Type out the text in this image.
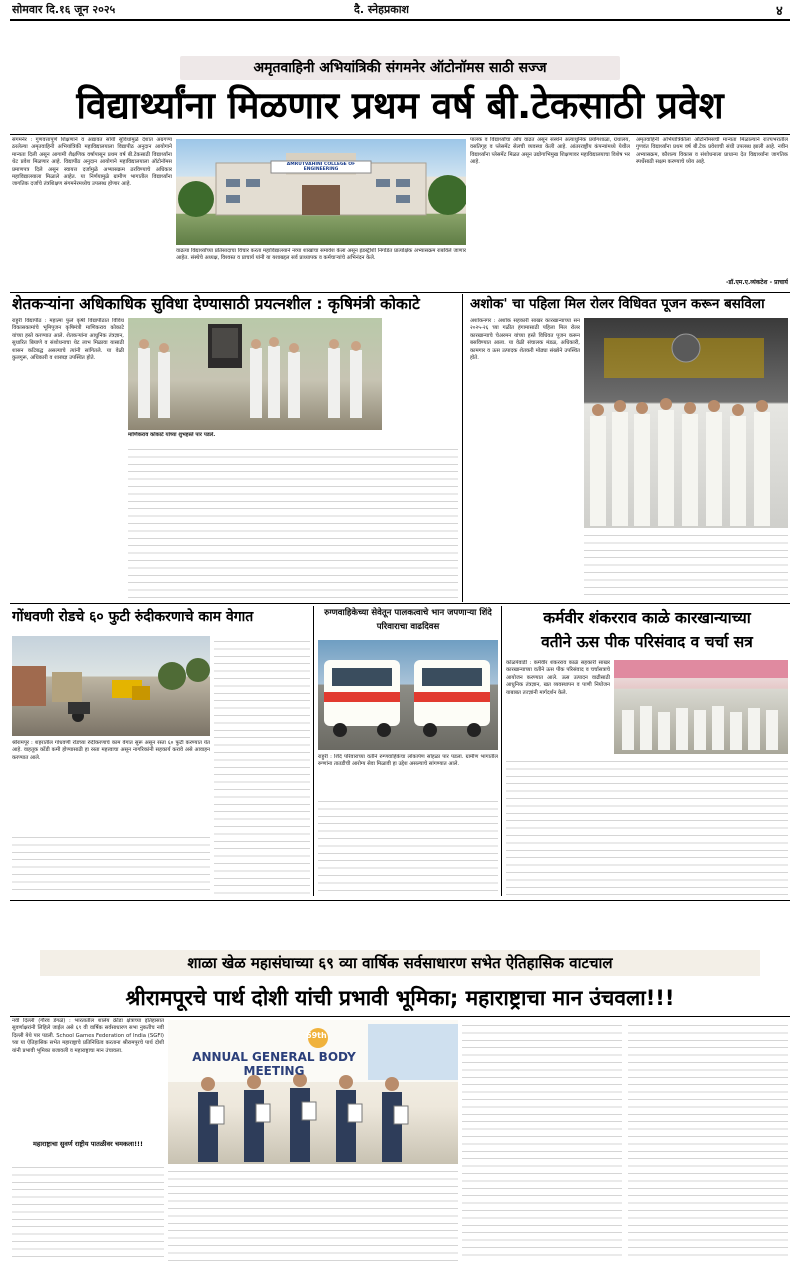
सोमवार दि.१६ जून २०२५	दै. स्नेहप्रकाश	४
अमृतवाहिनी अभियांत्रिकी संगमनेर ऑटोनॉमस साठी सज्ज
विद्यार्थ्यांना मिळणार प्रथम वर्ष बी.टेकसाठी प्रवेश
संगमनेर : गुणवत्तापूर्ण शिक्षणाने व अद्यावत सोयी सुविधांमुळे देशात अग्रगण्य ठरलेल्या अमृतवाहिनी अभियांत्रिकी महाविद्यालयाला विद्यापीठ अनुदान आयोगाने मान्यता दिली असून आगामी शैक्षणिक वर्षापासून प्रथम वर्ष बी.टेकसाठी विद्यार्थ्यांना थेट प्रवेश मिळणार आहे. विद्यापीठ अनुदान आयोगाने महाविद्यालयाला ऑटोनॉमस प्रमाणपत्र दिले असून स्वायत्त दर्जामुळे अभ्यासक्रम ठरविण्याचे अधिकार महाविद्यालयाला मिळाले आहेत. या निर्णयामुळे ग्रामीण भागातील विद्यार्थ्यांना जागतिक दर्जाचे तंत्रशिक्षण संगमनेरमध्येच उपलब्ध होणार आहे.
AMRUTVAHINI COLLEGE OF ENGINEERING
वाढत्या विद्यार्थ्यांच्या प्रतिसादाचा विचार करता महाविद्यालयाने नव्या शाखांचा समावेश केला असून इंडस्ट्रीशी निगडित प्रात्यक्षिक अभ्यासक्रम राबविले जाणार आहेत. संस्थेचे अध्यक्ष, विश्वस्त व प्राचार्य यांनी या यशाबद्दल सर्व प्राध्यापक व कर्मचाऱ्यांचे अभिनंदन केले.
पालक व विद्यार्थ्यांचा ओघ वाढत असून संस्थेने अत्याधुनिक प्रयोगशाळा, ग्रंथालय, वसतिगृह व प्लेसमेंट सेलची व्यवस्था केली आहे. आंतरराष्ट्रीय कंपन्यांमध्ये येथील विद्यार्थ्यांना प्लेसमेंट मिळत असून उद्योगाभिमुख शिक्षणावर महाविद्यालयाचा विशेष भर आहे.
अमृतवाहिनी अभियांत्रिकीला ऑटोनॉमसची मान्यता मिळाल्याने राज्यभरातील गुणवंत विद्यार्थ्यांना प्रथम वर्ष बी.टेक प्रवेशाची संधी उपलब्ध झाली आहे. नवीन अभ्यासक्रम, कौशल्य विकास व संशोधनाला प्राधान्य देत विद्यार्थ्यांना जागतिक स्पर्धेसाठी सक्षम करण्याचे ध्येय आहे.
-डॉ.एम.ए.व्यंकटेश - प्राचार्य
शेतकऱ्यांना अधिकाधिक सुविधा देण्यासाठी प्रयत्नशील : कृषिमंत्री कोकाटे
राहुरी विद्यापीठ : महात्मा फुले कृषी विद्यापीठात विविध विकासकामांचे भूमिपूजन कृषिमंत्री माणिकराव कोकाटे यांच्या हस्ते करण्यात आले. शेतकऱ्यांना आधुनिक तंत्रज्ञान, सुधारित बियाणे व संशोधनाचा थेट लाभ मिळावा यासाठी शासन कटिबद्ध असल्याचे त्यांनी सांगितले. या वेळी कुलगुरू, अधिकारी व शास्त्रज्ञ उपस्थित होते.
माणिकराव कोकाटे यांच्या शुभहस्ते पार पडले.
अशोक' चा पहिला मिल रोलर विधिवत पूजन करून बसविला
अशोकनगर : अशोक सहकारी साखर कारखान्याच्या सन २०२५-२६ च्या गळीत हंगामासाठी पहिला मिल रोलर कारखान्याचे चेअरमन यांच्या हस्ते विधिवत पूजन करून बसविण्यात आला. या वेळी संचालक मंडळ, अधिकारी, कामगार व ऊस उत्पादक शेतकरी मोठ्या संख्येने उपस्थित होते.
गोंधवणी रोडचे ६० फुटी रुंदीकरणाचे काम वेगात
श्रीरामपूर : शहरातील गोंधवणी रोडच्या रुंदीकरणाचे काम वेगात सुरू असून रस्ता ६० फुटी करण्यात येत आहे. वाहतूक कोंडी कमी होण्यासाठी हा रस्ता महत्त्वाचा असून नागरिकांनी सहकार्य करावे असे आवाहन करण्यात आले.
रुग्णवाहिकेच्या सेवेतून पालकत्वाचे भान जपणाऱ्या शिंदे परिवाराचा वाढदिवस
राहुरी : शिंदे परिवाराच्या वतीने रुग्णवाहिकेचा लोकार्पण सोहळा पार पडला. ग्रामीण भागातील रुग्णांना तातडीची आरोग्य सेवा मिळावी हा उद्देश असल्याचे सांगण्यात आले.
कर्मवीर शंकरराव काळे कारखान्याच्या
वतीने ऊस पीक परिसंवाद व चर्चा सत्र
कोळपेवाडी : कर्मवीर शंकरराव काळे सहकारी साखर कारखान्याच्या वतीने ऊस पीक परिसंवाद व चर्चासत्राचे आयोजन करण्यात आले. ऊस उत्पादन वाढीसाठी आधुनिक तंत्रज्ञान, खत व्यवस्थापन व पाणी नियोजन याबाबत तज्ज्ञांनी मार्गदर्शन केले.
शाळा खेळ महासंघाच्या ६९ व्या वार्षिक सर्वसाधारण सभेत ऐतिहासिक वाटचाल
श्रीरामपूरचे पार्थ दोशी यांची प्रभावी भूमिका; महाराष्ट्राचा मान उंचवला!!!
नवी दिल्ली (गौरव डेंगळे) : भारतातील शालेय क्रीडा क्षेत्राच्या इतिहासात सुवर्णाक्षरांनी लिहिले जाईल असे ६९ वी वार्षिक सर्वसाधारण सभा नुकतीच नवी दिल्ली येथे पार पडली. School Games Federation of India (SGFI) च्या या ऐतिहासिक सभेत महाराष्ट्राचे प्रतिनिधित्व करताना श्रीरामपूरचे पार्थ दोशी यांनी प्रभावी भूमिका बजावली व महाराष्ट्राचा मान उंचावला.
महाराष्ट्राचा सुवर्ण राष्ट्रीय पातळीवर चमकला!!!
69th
ANNUAL GENERAL BODY MEETING
